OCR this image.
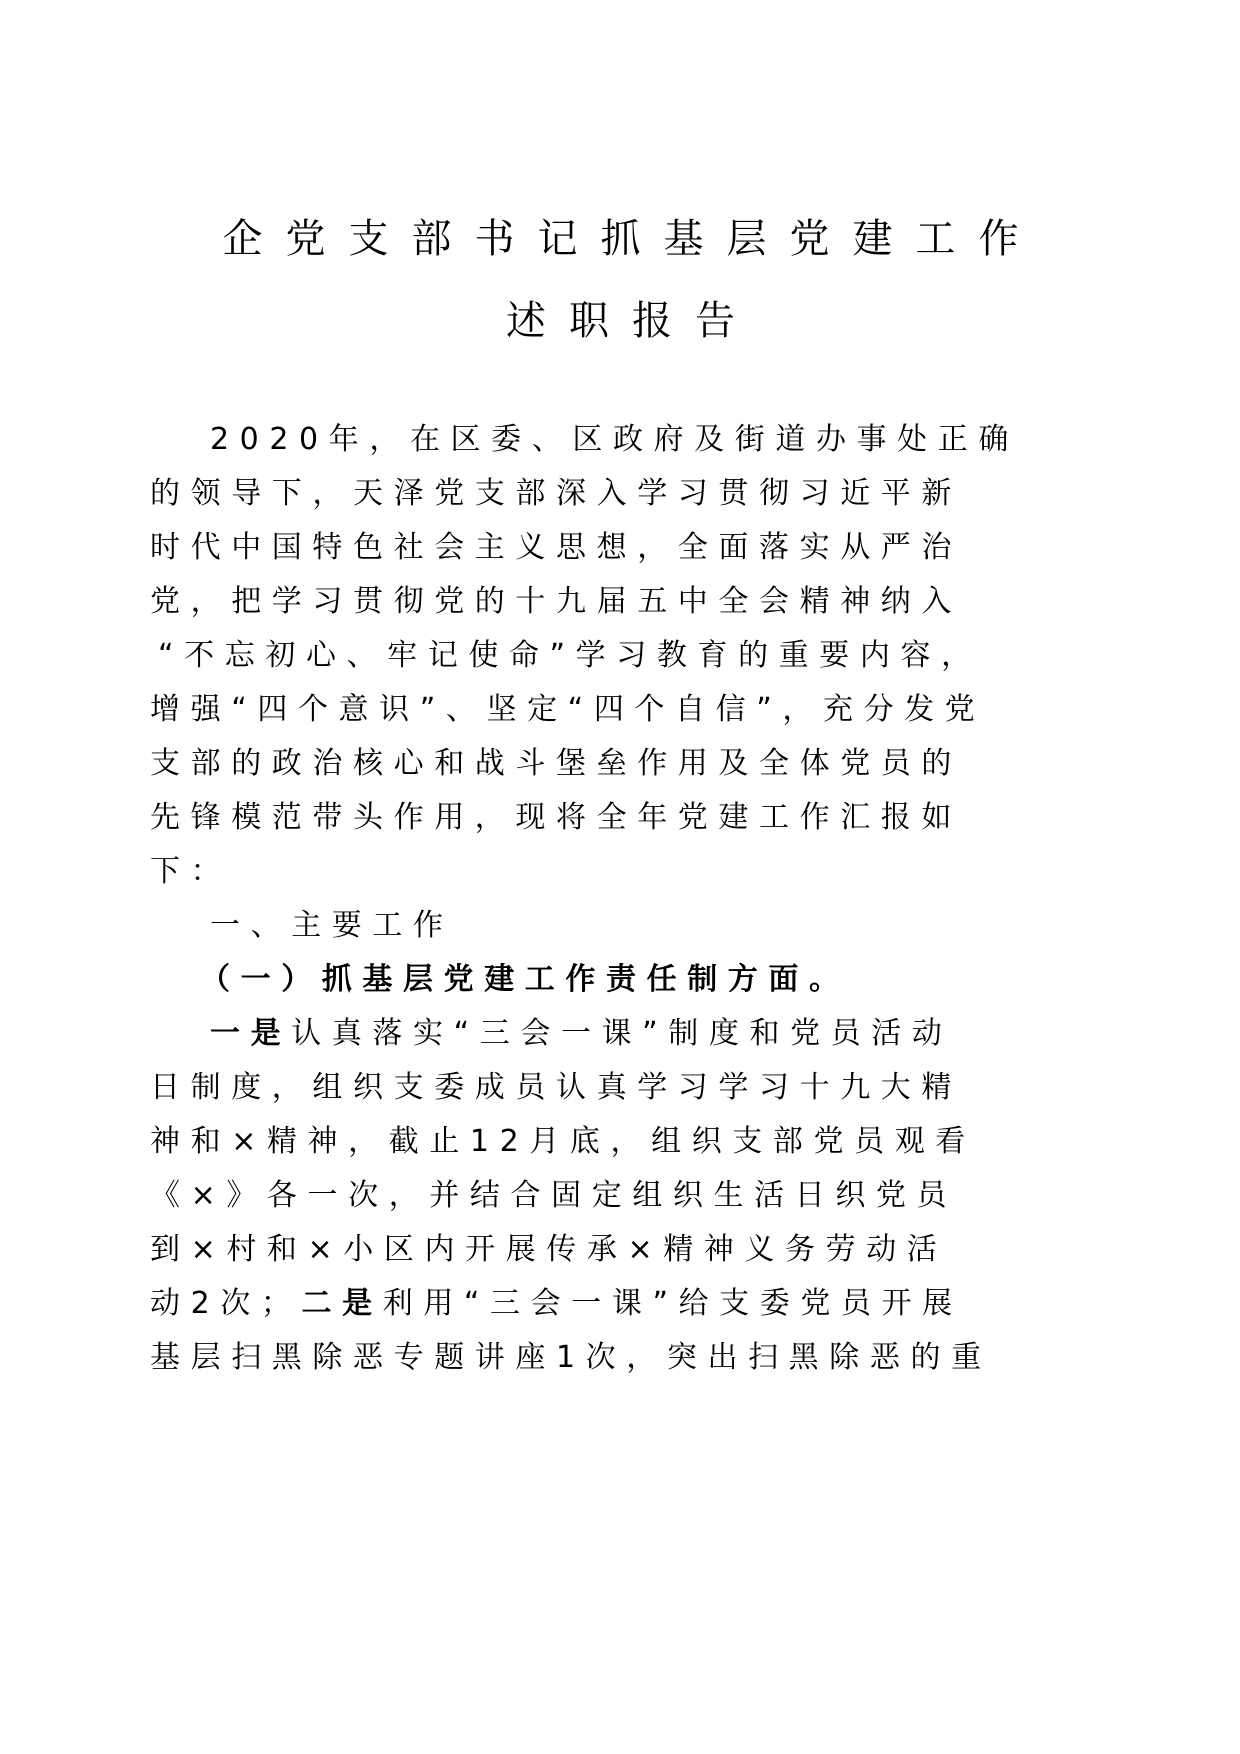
企党支部书记抓基层党建工作
述职报告
2020年，在区委、区政府及街道办事处正确
的领导下，天泽党支部深入学习贯彻习近平新
时代中国特色社会主义思想，全面落实从严治
党，把学习贯彻党的十九届五中全会精神纳入
“不忘初心、牢记使命”学习教育的重要内容，
增强“四个意识”、坚定“四个自信”，充分发党
支部的政治核心和战斗堡垒作用及全体党员的
先锋模范带头作用，现将全年党建工作汇报如
下：
一、主要工作
（一）抓基层党建工作责任制方面。
一是认真落实“三会一课”制度和党员活动
日制度，组织支委成员认真学习学习十九大精
神和×精神，截止12月底，组织支部党员观看
《×》各一次，并结合固定组织生活日织党员
到×村和×小区内开展传承×精神义务劳动活
动2次；二是利用“三会一课”给支委党员开展
基层扫黑除恶专题讲座1次，突出扫黑除恶的重
